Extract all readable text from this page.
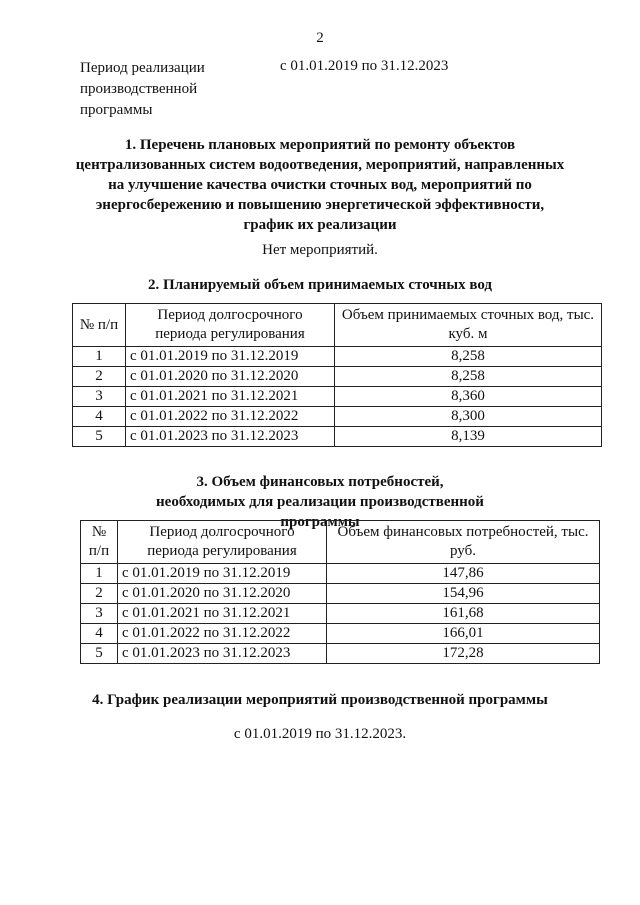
2
Период реализации производственной программы
с 01.01.2019 по 31.12.2023
1. Перечень плановых мероприятий по ремонту объектов централизованных систем водоотведения, мероприятий, направленных на улучшение качества очистки сточных вод, мероприятий по энергосбережению и повышению энергетической эффективности, график их реализации
Нет мероприятий.
2. Планируемый объем принимаемых сточных вод
№ п/п	Период долгосрочного периода регулирования	Объем принимаемых сточных вод, тыс. куб. м
1	с 01.01.2019 по 31.12.2019	8,258
2	с 01.01.2020 по 31.12.2020	8,258
3	с 01.01.2021 по 31.12.2021	8,360
4	с 01.01.2022 по 31.12.2022	8,300
5	с 01.01.2023 по 31.12.2023	8,139
3. Объем финансовых потребностей, необходимых для реализации производственной программы
№ п/п	Период долгосрочного периода регулирования	Объем финансовых потребностей, тыс. руб.
1	с 01.01.2019 по 31.12.2019	147,86
2	с 01.01.2020 по 31.12.2020	154,96
3	с 01.01.2021 по 31.12.2021	161,68
4	с 01.01.2022 по 31.12.2022	166,01
5	с 01.01.2023 по 31.12.2023	172,28
4. График реализации мероприятий производственной программы
с 01.01.2019 по 31.12.2023.
